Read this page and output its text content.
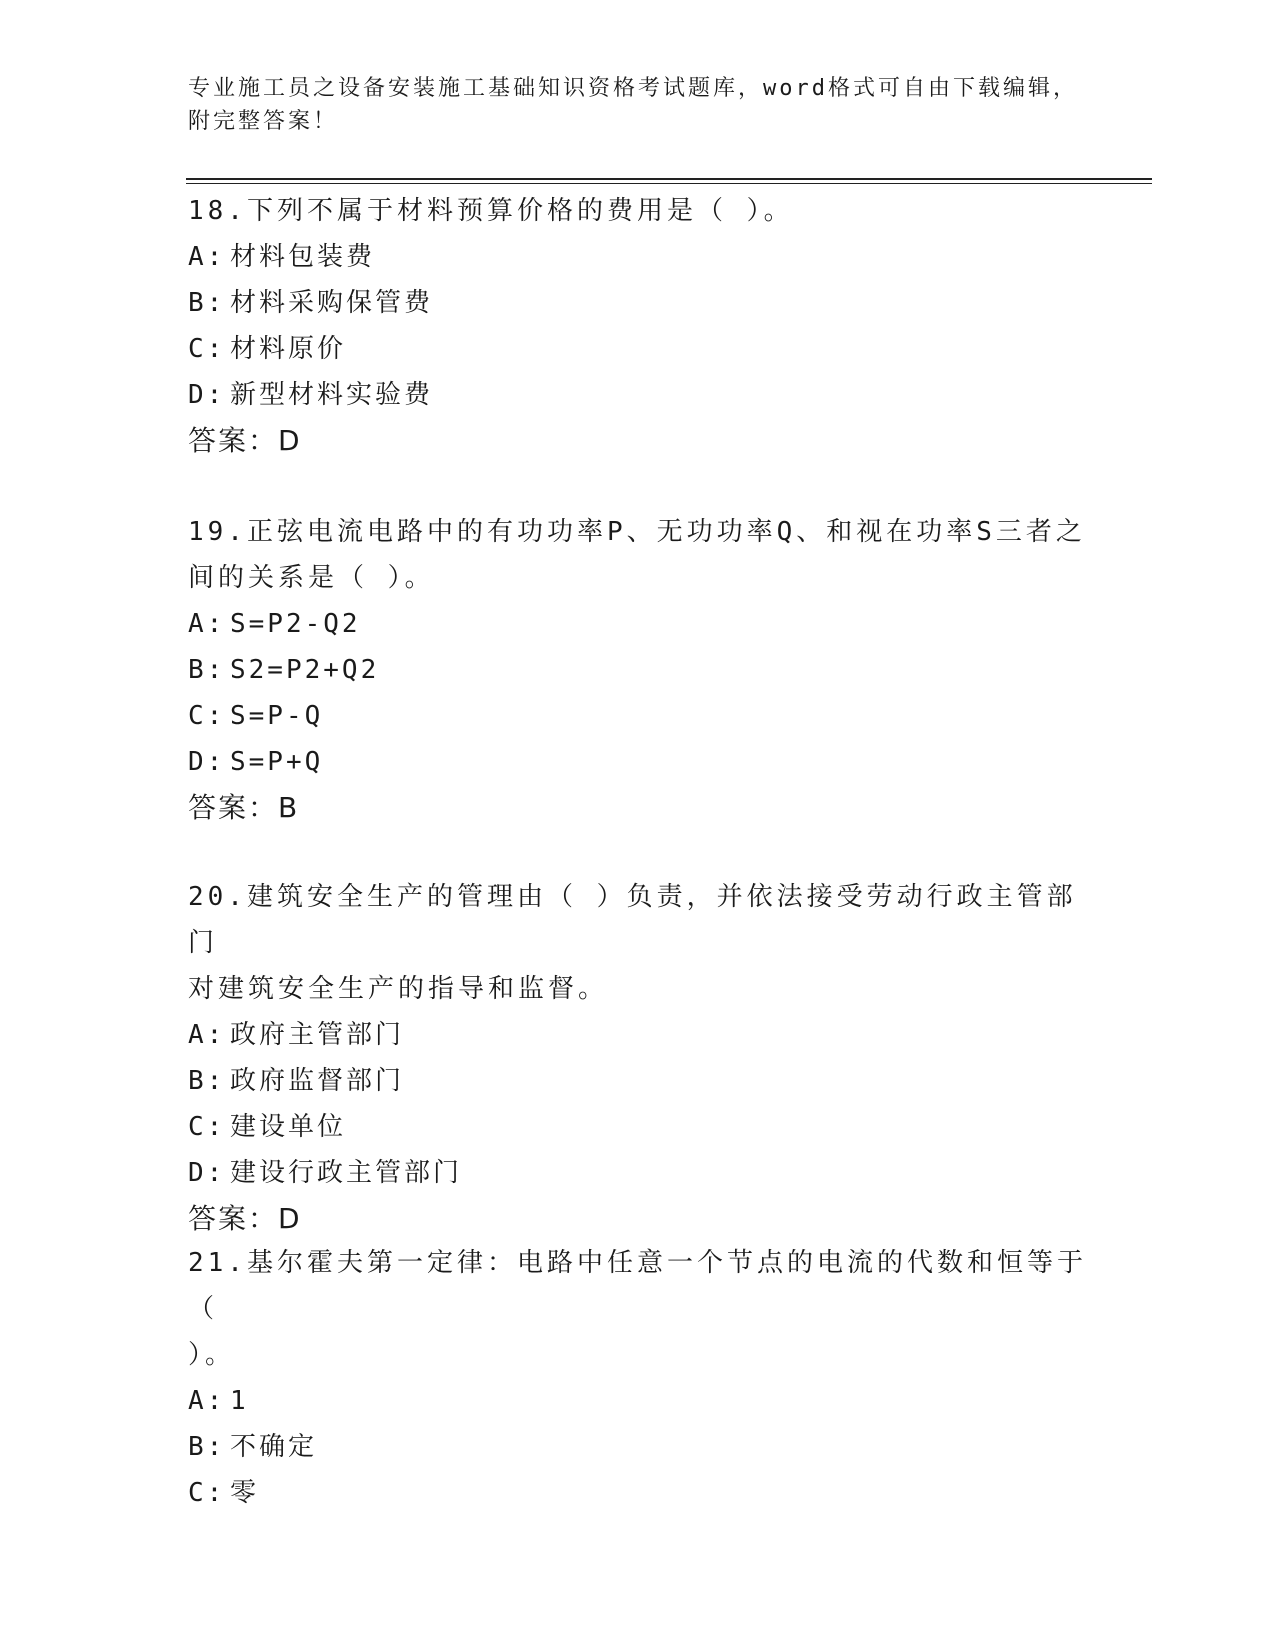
专业施工员之设备安装施工基础知识资格考试题库，word格式可自由下载编辑，
附完整答案！

18.下列不属于材料预算价格的费用是（ ）。

A: 材料包装费

B: 材料采购保管费

C: 材料原价

D: 新型材料实验费

答案：D

19.正弦电流电路中的有功功率P、无功功率Q、和视在功率S三者之

间的关系是（ ）。

A: S=P2-Q2

B: S2=P2+Q2

C: S=P-Q

D: S=P+Q

答案：B

20.建筑安全生产的管理由（ ）负责，并依法接受劳动行政主管部门

对建筑安全生产的指导和监督。

A: 政府主管部门

B: 政府监督部门

C: 建设单位

D: 建设行政主管部门

答案：D

21.基尔霍夫第一定律：电路中任意一个节点的电流的代数和恒等于（

）。

A: 1

B: 不确定

C: 零
